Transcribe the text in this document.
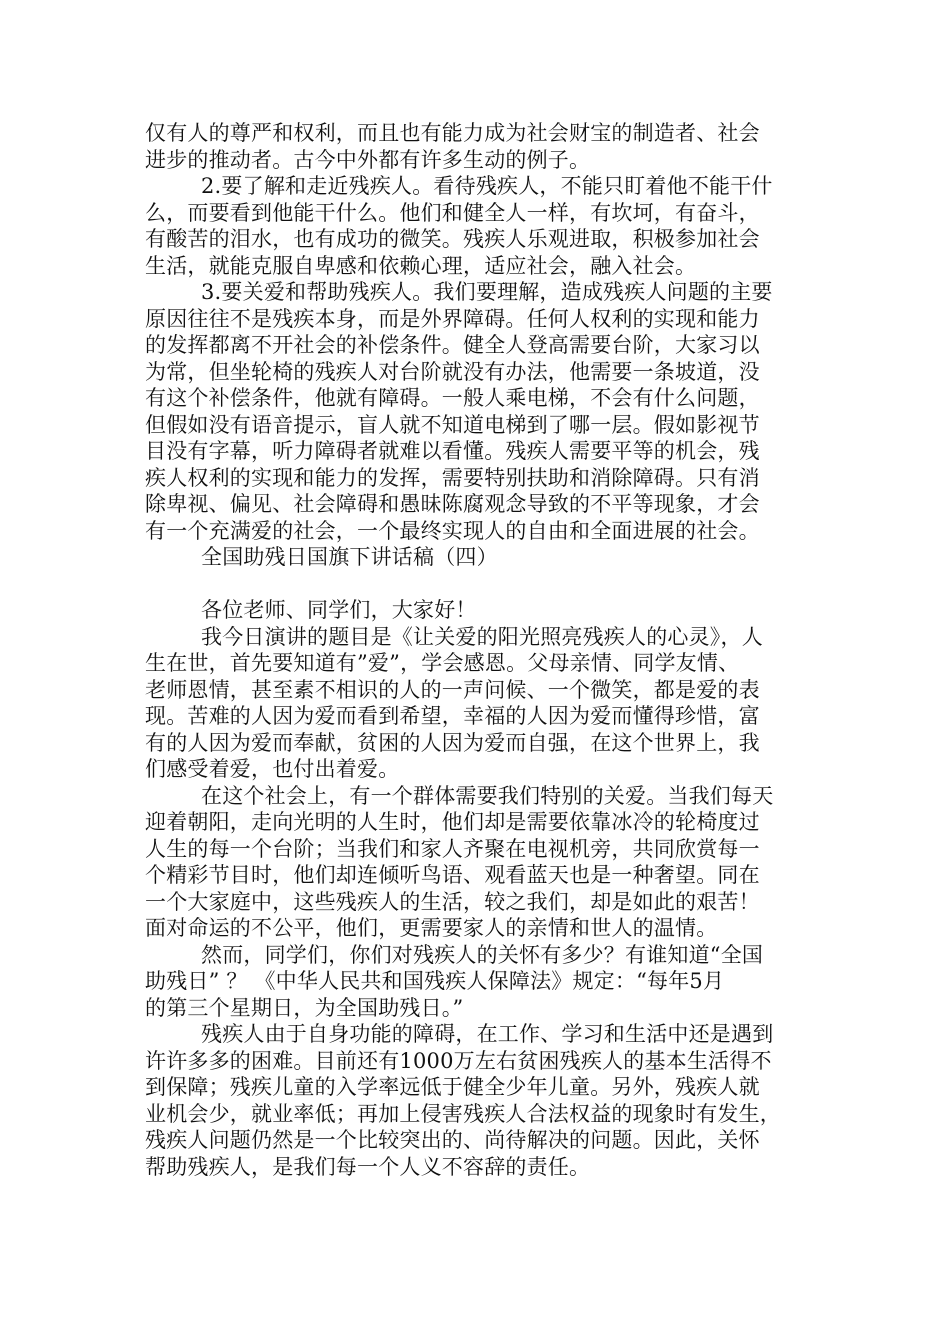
仅有人的尊严和权利，而且也有能力成为社会财宝的制造者、社会
进步的推动者。古今中外都有许多生动的例子。
2.要了解和走近残疾人。看待残疾人，不能只盯着他不能干什
么，而要看到他能干什么。他们和健全人一样，有坎坷，有奋斗，
有酸苦的泪水，也有成功的微笑。残疾人乐观进取，积极参加社会
生活，就能克服自卑感和依赖心理，适应社会，融入社会。
3.要关爱和帮助残疾人。我们要理解，造成残疾人问题的主要
原因往往不是残疾本身，而是外界障碍。任何人权利的实现和能力
的发挥都离不开社会的补偿条件。健全人登高需要台阶，大家习以
为常，但坐轮椅的残疾人对台阶就没有办法，他需要一条坡道，没
有这个补偿条件，他就有障碍。一般人乘电梯，不会有什么问题，
但假如没有语音提示，盲人就不知道电梯到了哪一层。假如影视节
目没有字幕，听力障碍者就难以看懂。残疾人需要平等的机会，残
疾人权利的实现和能力的发挥，需要特别扶助和消除障碍。只有消
除卑视、偏见、社会障碍和愚昧陈腐观念导致的不平等现象，才会
有一个充满爱的社会，一个最终实现人的自由和全面进展的社会。
全国助残日国旗下讲话稿（四）
各位老师、同学们，大家好！
我今日演讲的题目是《让关爱的阳光照亮残疾人的心灵》，人
生在世，首先要知道有”爱”，学会感恩。父母亲情、同学友情、
老师恩情，甚至素不相识的人的一声问候、一个微笑，都是爱的表
现。苦难的人因为爱而看到希望，幸福的人因为爱而懂得珍惜，富
有的人因为爱而奉献，贫困的人因为爱而自强，在这个世界上，我
们感受着爱，也付出着爱。
在这个社会上，有一个群体需要我们特别的关爱。当我们每天
迎着朝阳，走向光明的人生时，他们却是需要依靠冰冷的轮椅度过
人生的每一个台阶；当我们和家人齐聚在电视机旁，共同欣赏每一
个精彩节目时，他们却连倾听鸟语、观看蓝天也是一种奢望。同在
一个大家庭中，这些残疾人的生活，较之我们，却是如此的艰苦！
面对命运的不公平，他们，更需要家人的亲情和世人的温情。
然而，同学们，你们对残疾人的关怀有多少？有谁知道“全国
助残日” ？ 《中华人民共和国残疾人保障法》规定：“每年5月
的第三个星期日，为全国助残日。”
残疾人由于自身功能的障碍，在工作、学习和生活中还是遇到
许许多多的困难。目前还有1000万左右贫困残疾人的基本生活得不
到保障；残疾儿童的入学率远低于健全少年儿童。另外，残疾人就
业机会少，就业率低；再加上侵害残疾人合法权益的现象时有发生，
残疾人问题仍然是一个比较突出的、尚待解决的问题。因此，关怀
帮助残疾人，是我们每一个人义不容辞的责任。
